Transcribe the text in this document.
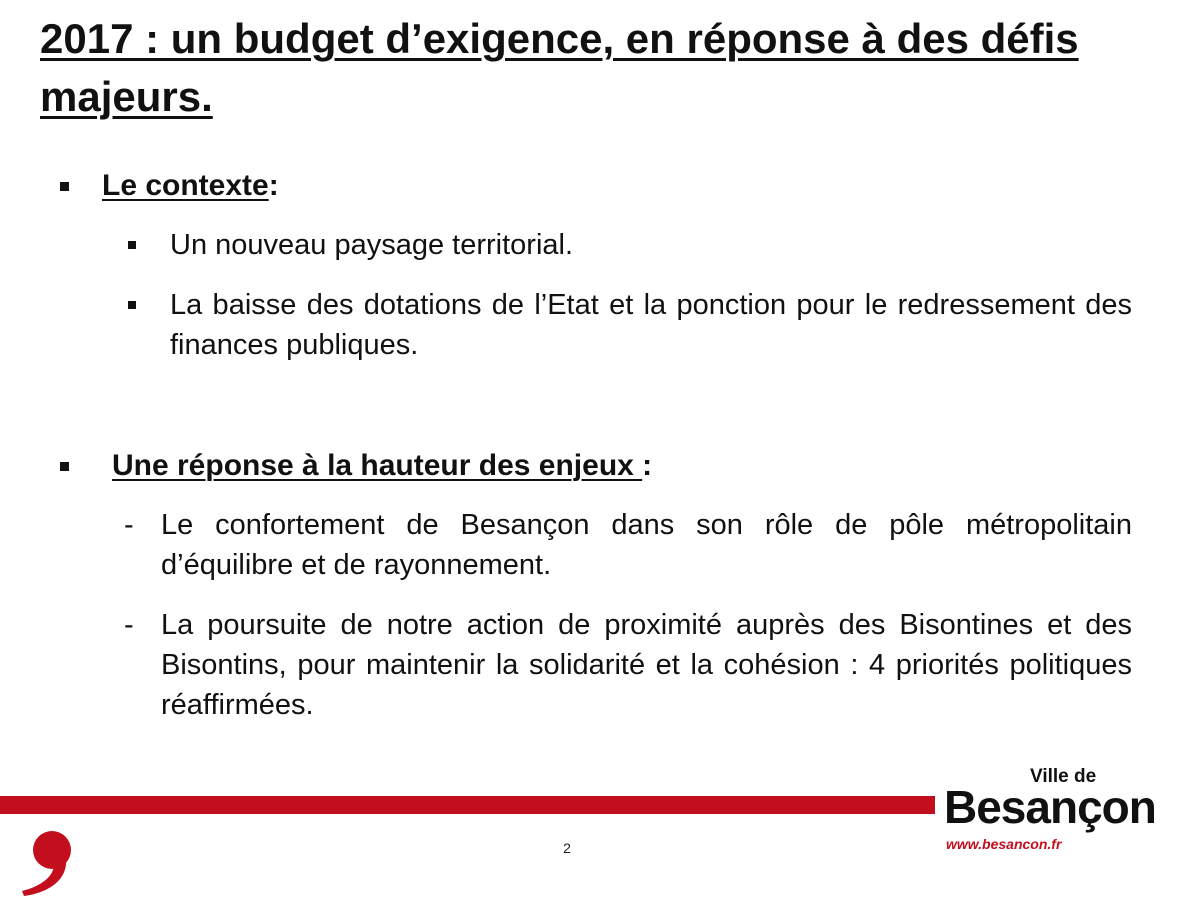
2017 : un budget d’exigence, en réponse à des défis majeurs.
Le contexte:
Un nouveau paysage territorial.
La baisse des dotations de l’Etat et la ponction pour le redressement des finances publiques.
Une réponse à la hauteur des enjeux :
- Le confortement de Besançon dans son rôle de pôle métropolitain d’équilibre et de rayonnement.
- La poursuite de notre action de proximité auprès des Bisontines et des Bisontins, pour maintenir la solidarité et la cohésion : 4 priorités politiques réaffirmées.
2
Ville de
Besançon
www.besancon.fr
